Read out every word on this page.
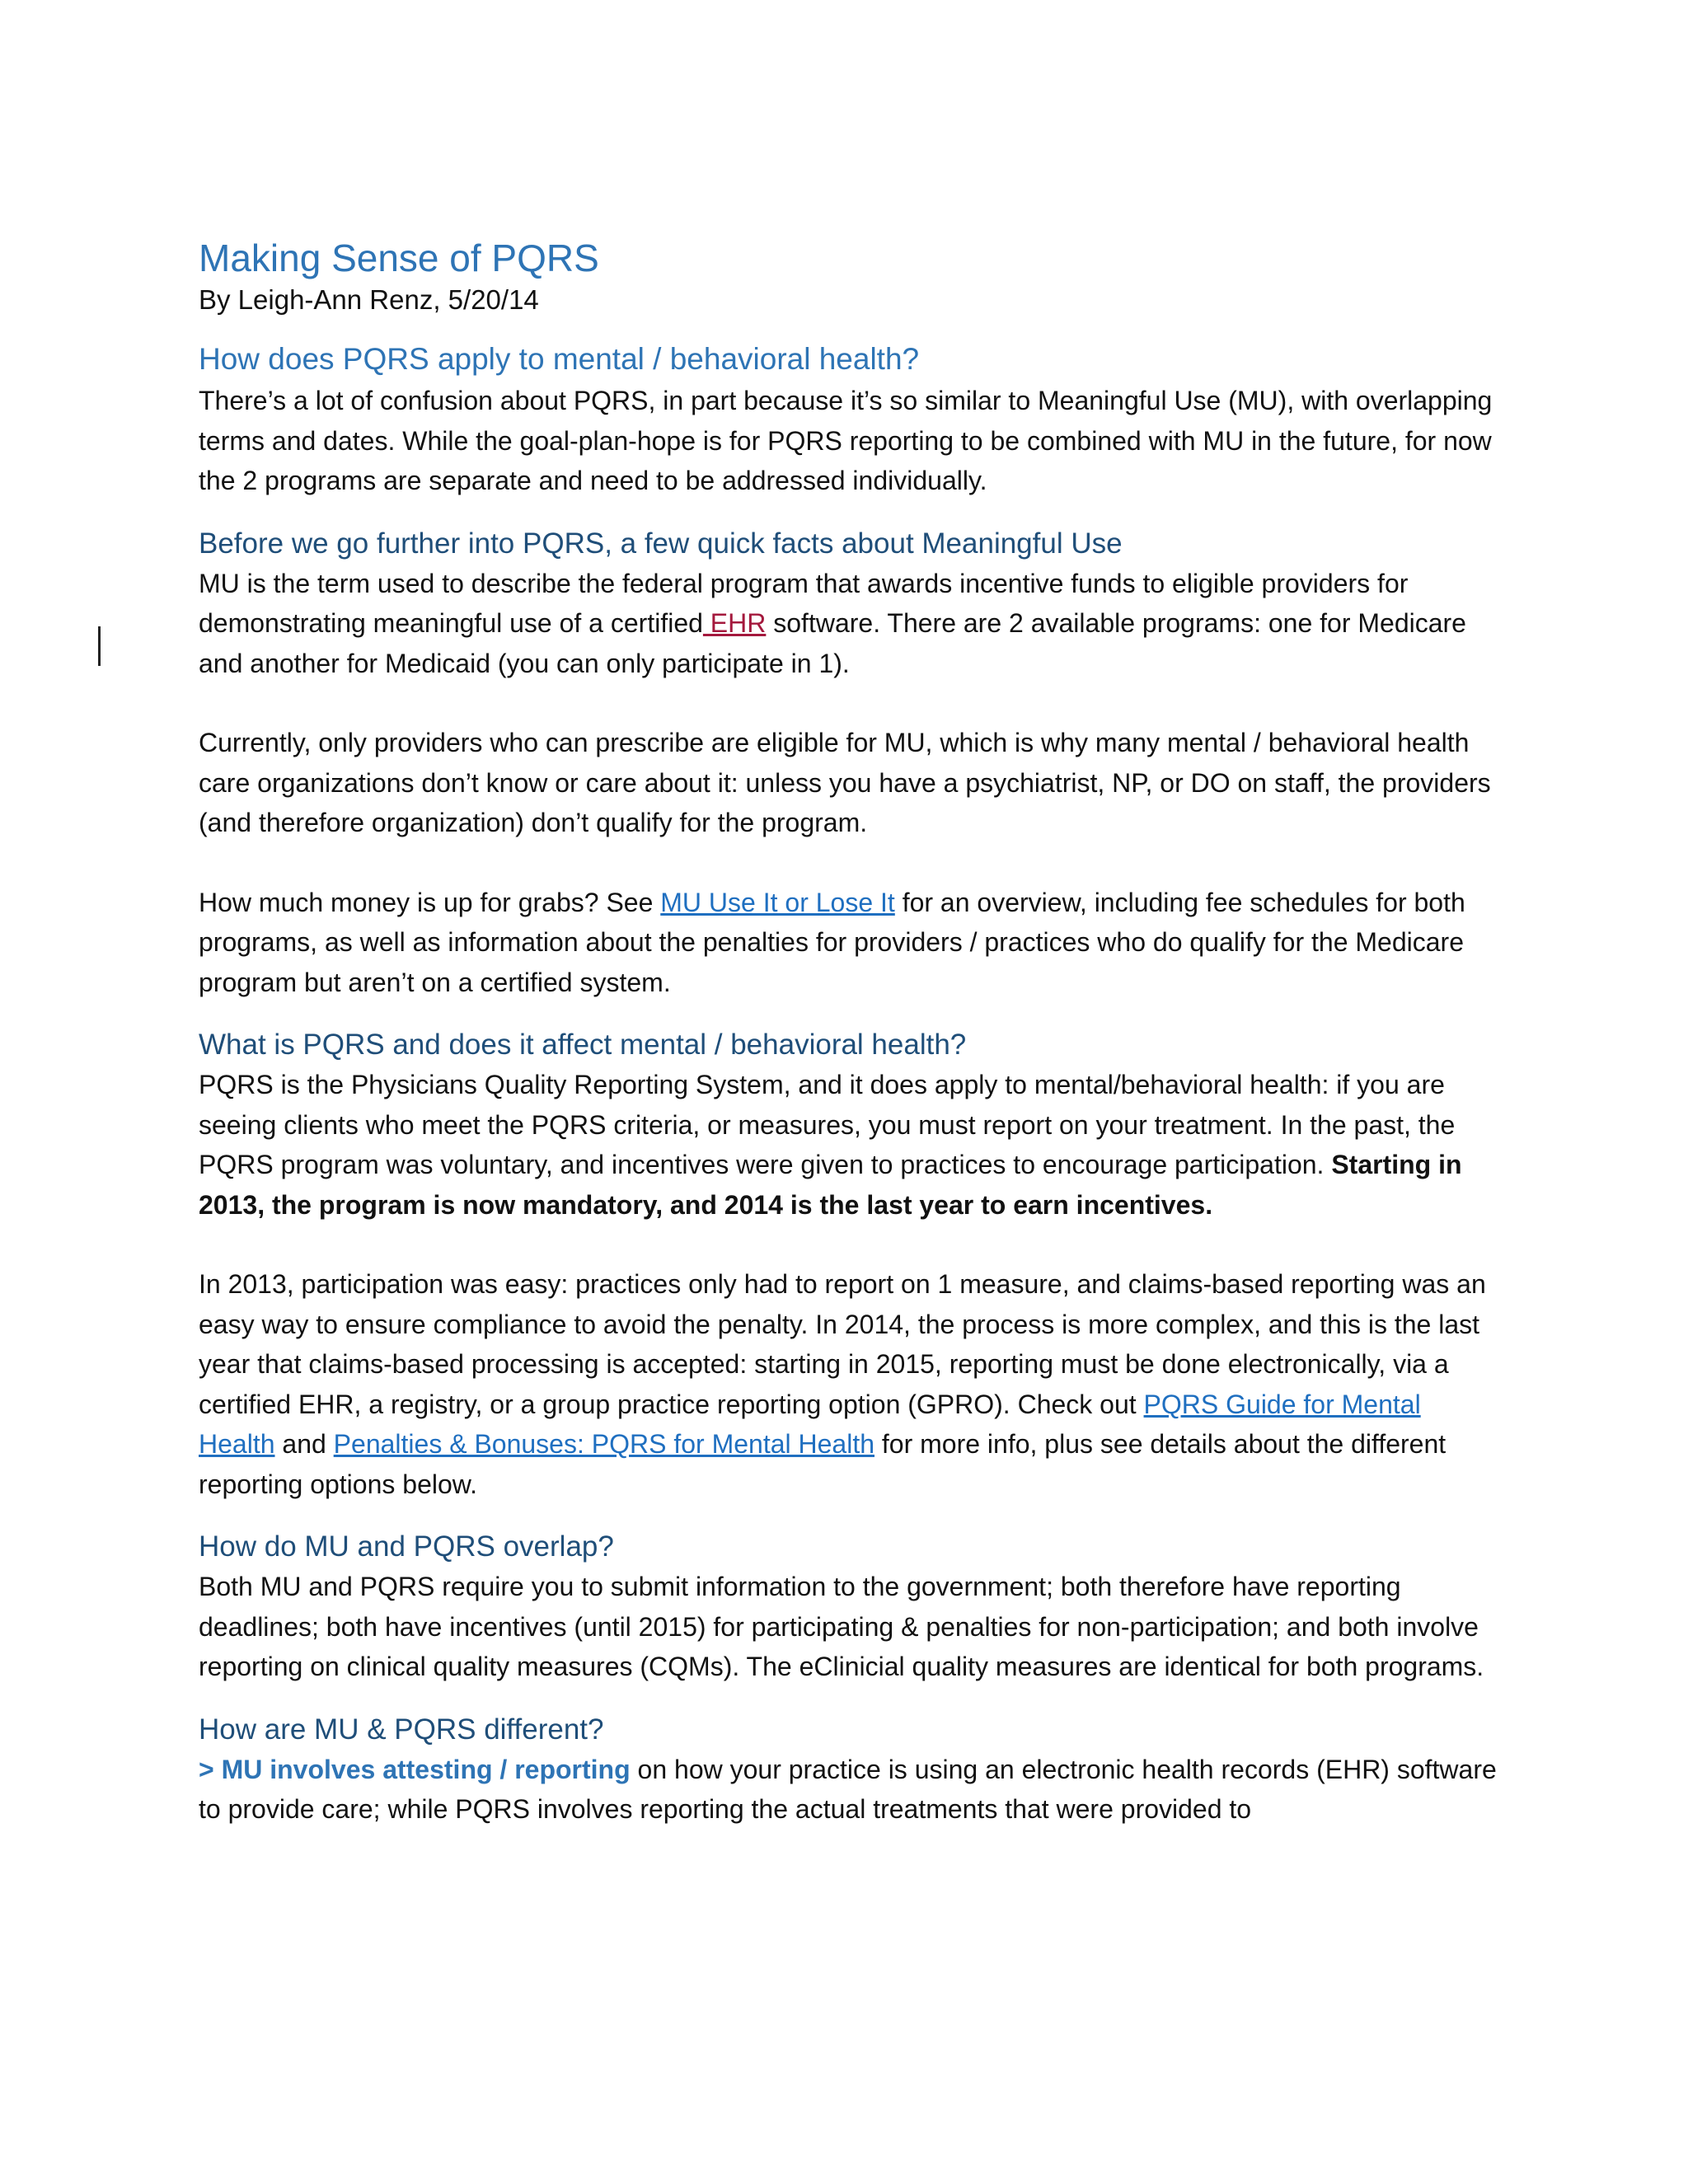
Making Sense of PQRS
By Leigh-Ann Renz, 5/20/14
How does PQRS apply to mental / behavioral health?

There’s a lot of confusion about PQRS, in part because it’s so similar to Meaningful Use (MU), with overlapping terms and dates. While the goal-plan-hope is for PQRS reporting to be combined with MU in the future, for now the 2 programs are separate and need to be addressed individually.

Before we go further into PQRS, a few quick facts about Meaningful Use

MU is the term used to describe the federal program that awards incentive funds to eligible providers for demonstrating meaningful use of a certified EHR software. There are 2 available programs: one for Medicare and another for Medicaid (you can only participate in 1).

Currently, only providers who can prescribe are eligible for MU, which is why many mental / behavioral health care organizations don’t know or care about it: unless you have a psychiatrist, NP, or DO on staff, the providers (and therefore organization) don’t qualify for the program.

How much money is up for grabs? See MU Use It or Lose It for an overview, including fee schedules for both programs, as well as information about the penalties for providers / practices who do qualify for the Medicare program but aren’t on a certified system.

What is PQRS and does it affect mental / behavioral health?

PQRS is the Physicians Quality Reporting System, and it does apply to mental/behavioral health: if you are seeing clients who meet the PQRS criteria, or measures, you must report on your treatment. In the past, the PQRS program was voluntary, and incentives were given to practices to encourage participation. Starting in 2013, the program is now mandatory, and 2014 is the last year to earn incentives.

In 2013, participation was easy: practices only had to report on 1 measure, and claims-based reporting was an easy way to ensure compliance to avoid the penalty. In 2014, the process is more complex, and this is the last year that claims-based processing is accepted: starting in 2015, reporting must be done electronically, via a certified EHR, a registry, or a group practice reporting option (GPRO). Check out PQRS Guide for Mental Health and Penalties & Bonuses: PQRS for Mental Health for more info, plus see details about the different reporting options below.

How do MU and PQRS overlap?

Both MU and PQRS require you to submit information to the government; both therefore have reporting deadlines; both have incentives (until 2015) for participating & penalties for non-participation; and both involve reporting on clinical quality measures (CQMs). The eClinicial quality measures are identical for both programs.

How are MU & PQRS different?

> MU involves attesting / reporting on how your practice is using an electronic health records (EHR) software to provide care; while PQRS involves reporting the actual treatments that were provided to
